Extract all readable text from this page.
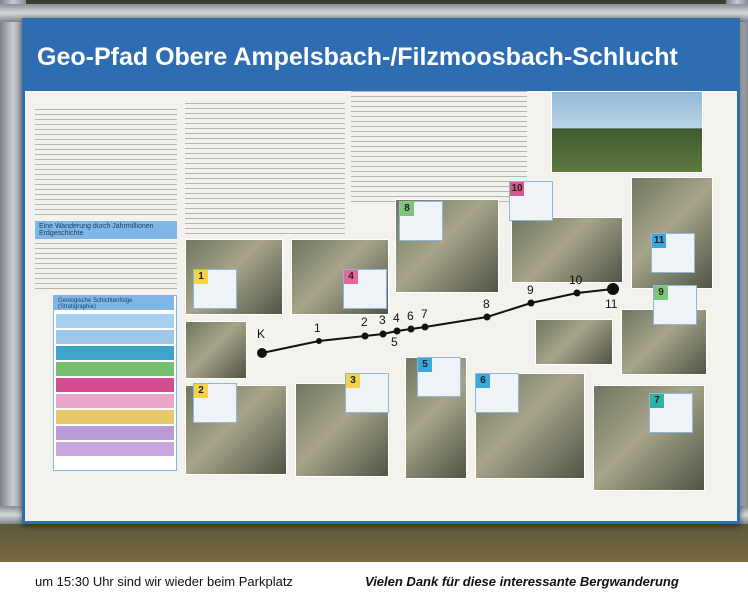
Geo-Pfad Obere Ampelsbach-/Filzmoosbach-Schlucht
Eine Wanderung durch Jahrmillionen Erdgeschichte
Geologische Schichtenfolge (Stratigraphie)
1
2
3
4
5
6
7
8
9
10
11
K	1	2 3 4
5
6 7
8
9
10
11
um 15:30 Uhr sind wir wieder beim Parkplatz	Vielen Dank für diese interessante Bergwanderung
